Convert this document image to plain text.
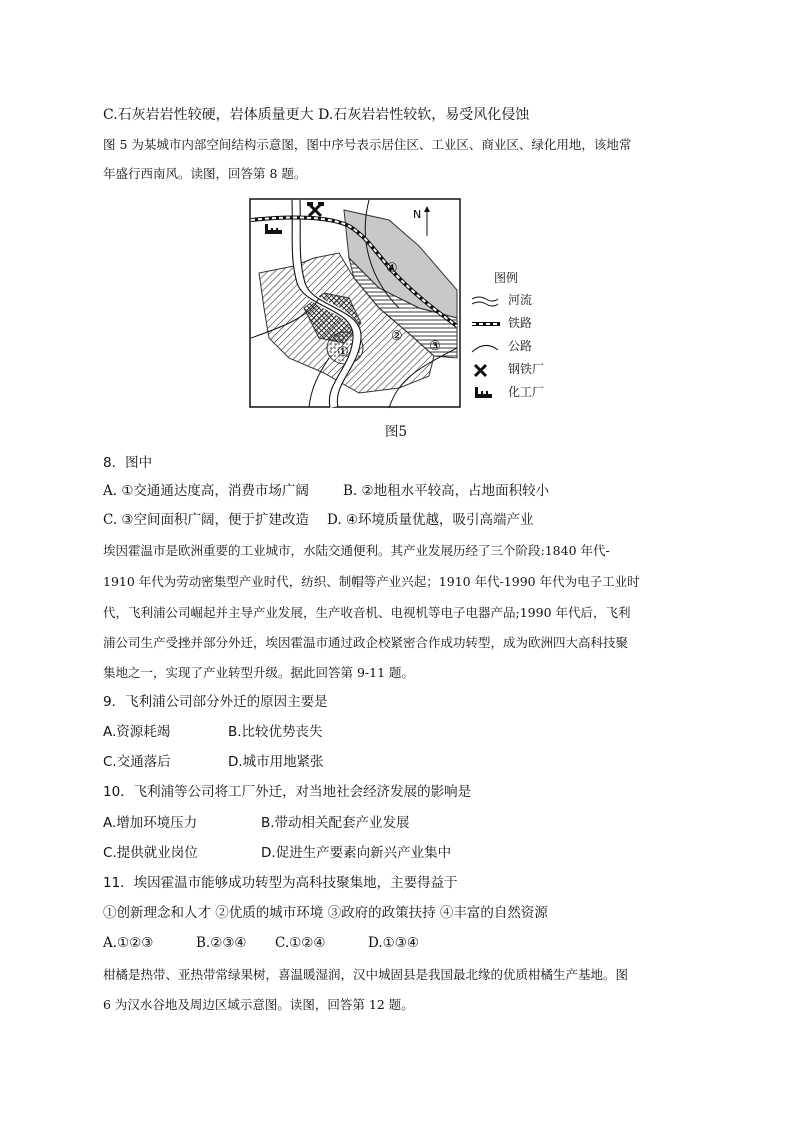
C.石灰岩岩性较硬，岩体质量更大 D.石灰岩岩性较软，易受风化侵蚀
图 5 为某城市内部空间结构示意图，图中序号表示居住区、工业区、商业区、绿化用地，该地常
年盛行西南风。读图，回答第 8 题。
N
④
②
③
①
图例
河流
铁路
公路
钢铁厂
化工厂
图5
8．图中
A. ①交通通达度高，消费市场广阔	B. ②地租水平较高，占地面积较小
C. ③空间面积广阔，便于扩建改造 D. ④环境质量优越，吸引高端产业
埃因霍温市是欧洲重要的工业城市，水陆交通便利。其产业发展历经了三个阶段:1840 年代-
1910 年代为劳动密集型产业时代，纺织、制帽等产业兴起；1910 年代-1990 年代为电子工业时
代，飞利浦公司崛起并主导产业发展，生产收音机、电视机等电子电器产品;1990 年代后，飞利
浦公司生产受挫并部分外迁，埃因霍温市通过政企校紧密合作成功转型，成为欧洲四大高科技聚
集地之一，实现了产业转型升级。据此回答第 9-11 题。
9．飞利浦公司部分外迁的原因主要是
A.资源耗竭	B.比较优势丧失
C.交通落后	D.城市用地紧张
10．飞利浦等公司将工厂外迁，对当地社会经济发展的影响是
A.增加环境压力	B.带动相关配套产业发展
C.提供就业岗位	D.促进生产要素向新兴产业集中
11．埃因霍温市能够成功转型为高科技聚集地，主要得益于
①创新理念和人才 ②优质的城市环境 ③政府的政策扶持 ④丰富的自然资源
A.①②③	B.②③④ C.①②④	D.①③④
柑橘是热带、亚热带常绿果树，喜温暖湿润，汉中城固县是我国最北缘的优质柑橘生产基地。图
6 为汉水谷地及周边区域示意图。读图，回答第 12 题。
